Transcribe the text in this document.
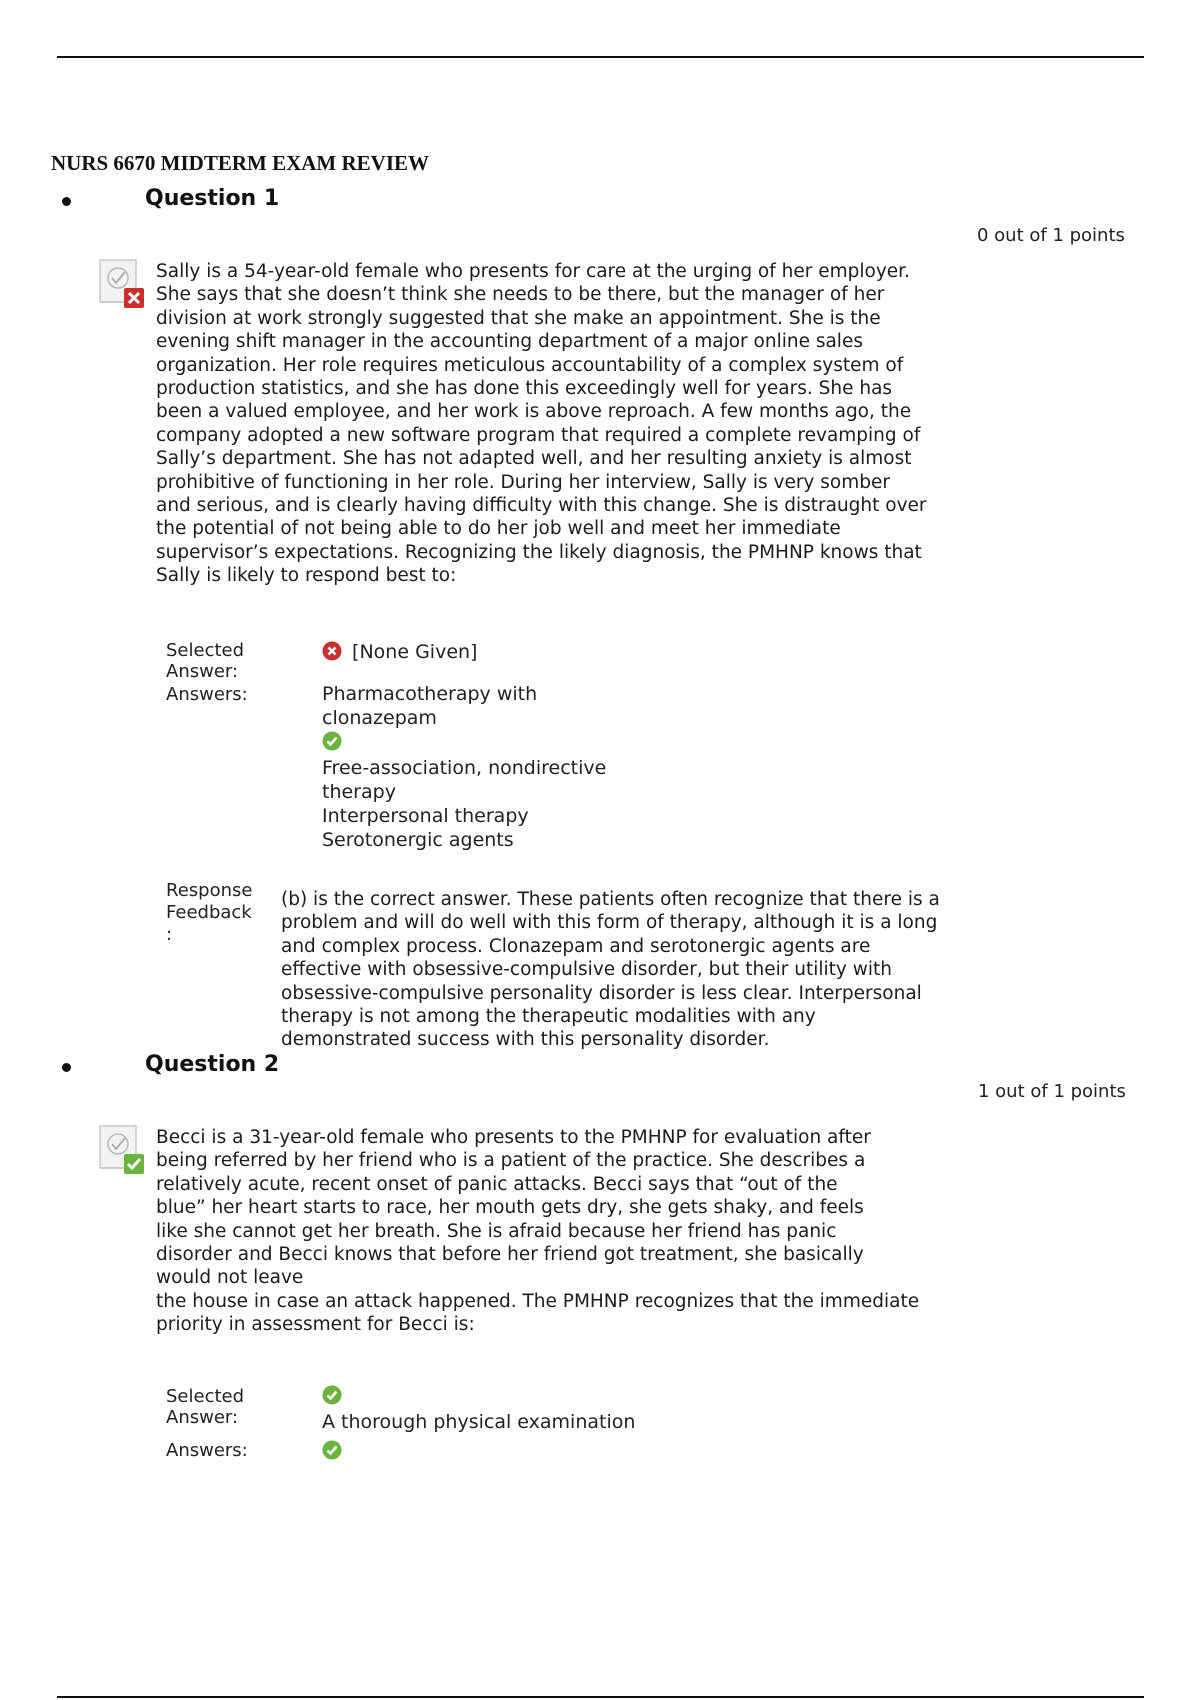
NURS 6670 MIDTERM EXAM REVIEW
Question 1
0 out of 1 points

Sally is a 54-year-old female who presents for care at the urging of her employer.

She says that she doesn’t think she needs to be there, but the manager of her

division at work strongly suggested that she make an appointment. She is the

evening shift manager in the accounting department of a major online sales

organization. Her role requires meticulous accountability of a complex system of

production statistics, and she has done this exceedingly well for years. She has

been a valued employee, and her work is above reproach. A few months ago, the

company adopted a new software program that required a complete revamping of

Sally’s department. She has not adapted well, and her resulting anxiety is almost

prohibitive of functioning in her role. During her interview, Sally is very somber

and serious, and is clearly having difficulty with this change. She is distraught over

the potential of not being able to do her job well and meet her immediate

supervisor’s expectations. Recognizing the likely diagnosis, the PMHNP knows that

Sally is likely to respond best to:

Selected
Answer:
Answers:
[None Given]
Pharmacotherapy with
clonazepam
Free-association, nondirective
therapy
Interpersonal therapy
Serotonergic agents
Response
Feedback
:

(b) is the correct answer. These patients often recognize that there is a

problem and will do well with this form of therapy, although it is a long

and complex process. Clonazepam and serotonergic agents are

effective with obsessive-compulsive disorder, but their utility with

obsessive-compulsive personality disorder is less clear. Interpersonal

therapy is not among the therapeutic modalities with any

demonstrated success with this personality disorder.

Question 2
1 out of 1 points

Becci is a 31-year-old female who presents to the PMHNP for evaluation after

being referred by her friend who is a patient of the practice. She describes a

relatively acute, recent onset of panic attacks. Becci says that “out of the

blue” her heart starts to race, her mouth gets dry, she gets shaky, and feels

like she cannot get her breath. She is afraid because her friend has panic

disorder and Becci knows that before her friend got treatment, she basically

would not leave

the house in case an attack happened. The PMHNP recognizes that the immediate

priority in assessment for Becci is:

Selected
Answer:
Answers:
A thorough physical examination
